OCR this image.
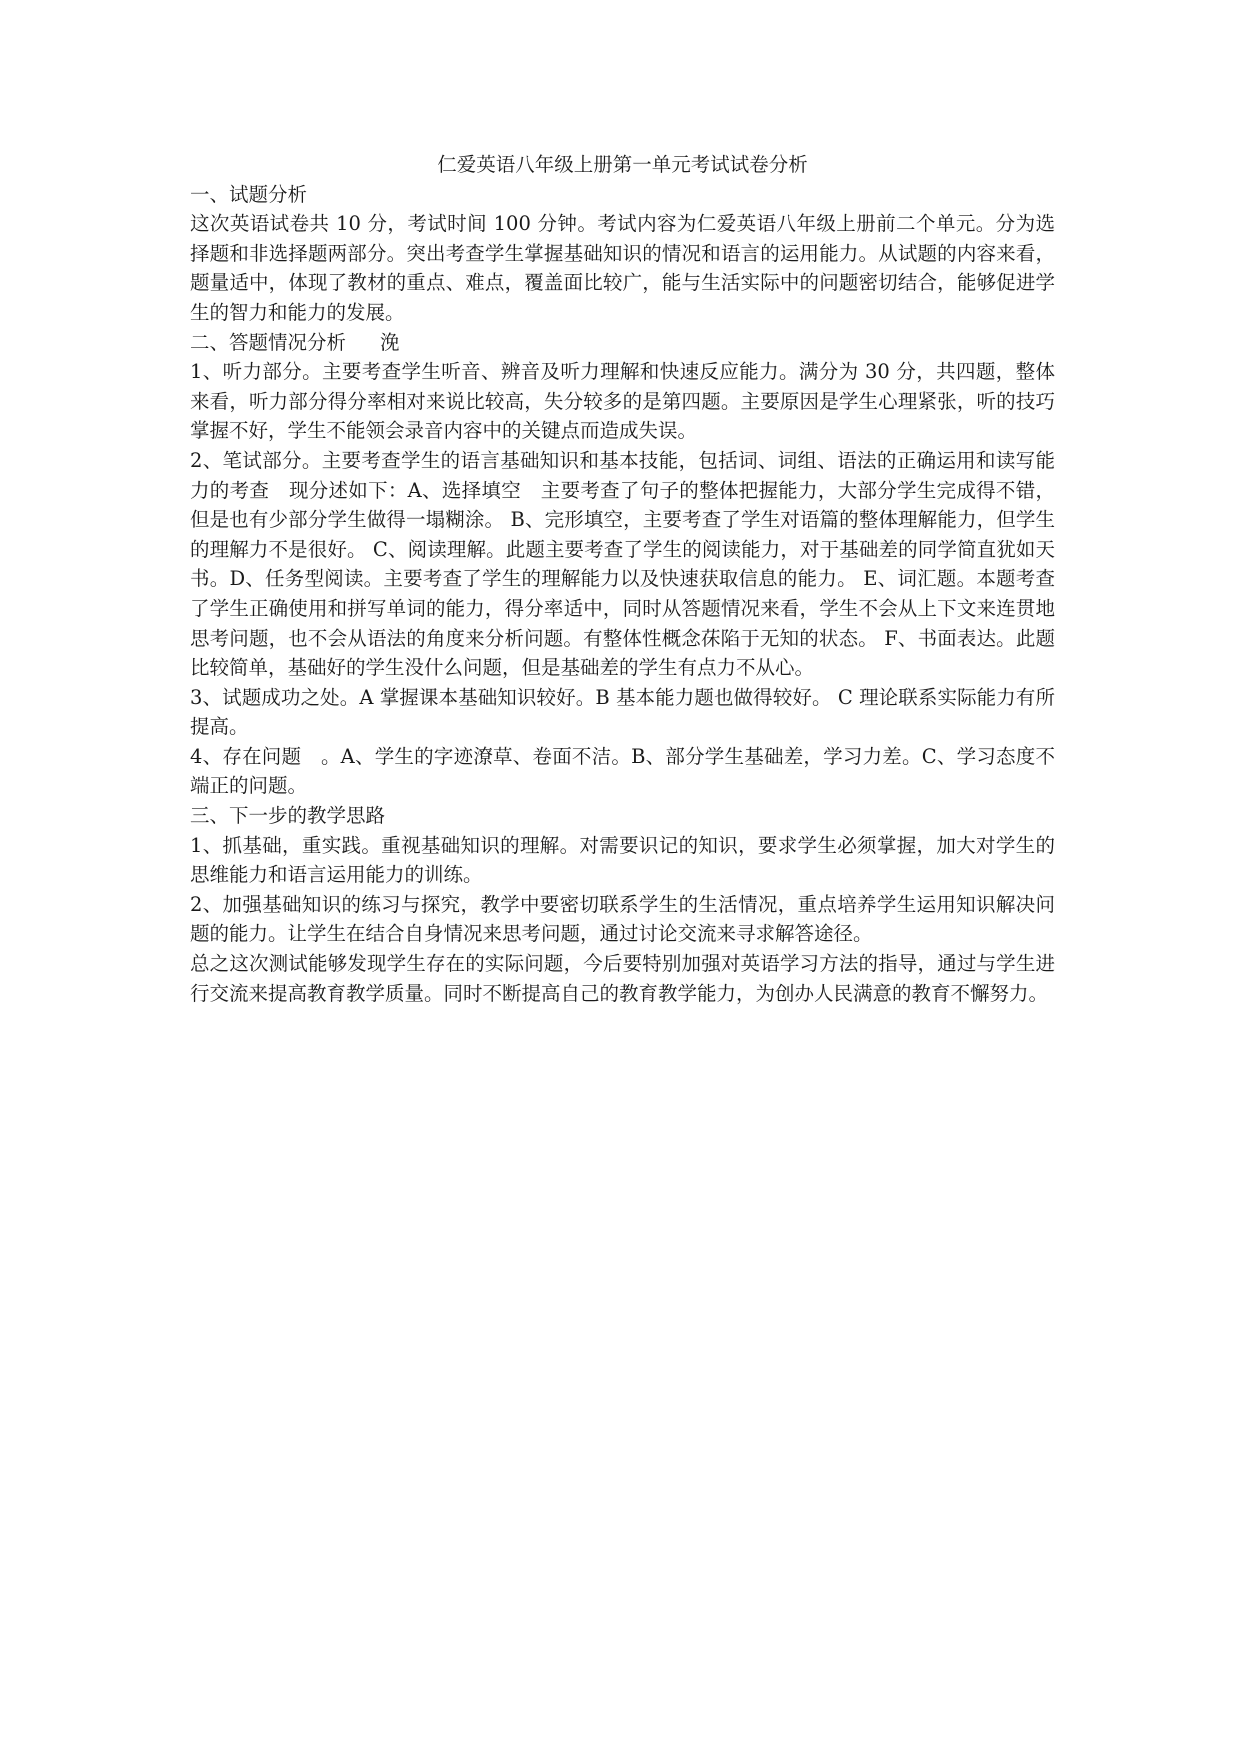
仁爱英语八年级上册第一单元考试试卷分析

一、试题分析

这次英语试卷共 10 分，考试时间 100 分钟。考试内容为仁爱英语八年级上册前二个单元。分为选择题和非选择题两部分。突出考查学生掌握基础知识的情况和语言的运用能力。从试题的内容来看，题量适中，体现了教材的重点、难点，覆盖面比较广，能与生活实际中的问题密切结合，能够促进学生的智力和能力的发展。

二、答题情况分析 浼

1、听力部分。主要考查学生听音、辨音及听力理解和快速反应能力。满分为 30 分，共四题，整体来看，听力部分得分率相对来说比较高，失分较多的是第四题。主要原因是学生心理紧张，听的技巧掌握不好，学生不能领会录音内容中的关键点而造成失误。

2、笔试部分。主要考查学生的语言基础知识和基本技能，包括词、词组、语法的正确运用和读写能力的考查　现分述如下：A、选择填空　主要考查了句子的整体把握能力，大部分学生完成得不错，但是也有少部分学生做得一塌糊涂。 B、完形填空，主要考查了学生对语篇的整体理解能力，但学生的理解力不是很好。 C、阅读理解。此题主要考查了学生的阅读能力，对于基础差的同学简直犹如天书。D、任务型阅读。主要考查了学生的理解能力以及快速获取信息的能力。 E、词汇题。本题考查了学生正确使用和拼写单词的能力，得分率适中，同时从答题情况来看，学生不会从上下文来连贯地思考问题，也不会从语法的角度来分析问题。有整体性概念茠陷于无知的状态。 F、书面表达。此题比较简单，基础好的学生没什么问题，但是基础差的学生有点力不从心。

3、试题成功之处。A 掌握课本基础知识较好。B 基本能力题也做得较好。 C 理论联系实际能力有所提高。

4、存在问题　。A、学生的字迹潦草、卷面不洁。B、部分学生基础差，学习力差。C、学习态度不端正的问题。

三、下一步的教学思路

1、抓基础，重实践。重视基础知识的理解。对需要识记的知识，要求学生必须掌握，加大对学生的思维能力和语言运用能力的训练。

2、加强基础知识的练习与探究，教学中要密切联系学生的生活情况，重点培养学生运用知识解决问题的能力。让学生在结合自身情况来思考问题，通过讨论交流来寻求解答途径。

总之这次测试能够发现学生存在的实际问题，今后要特别加强对英语学习方法的指导，通过与学生进行交流来提高教育教学质量。同时不断提高自己的教育教学能力，为创办人民满意的教育不懈努力。
